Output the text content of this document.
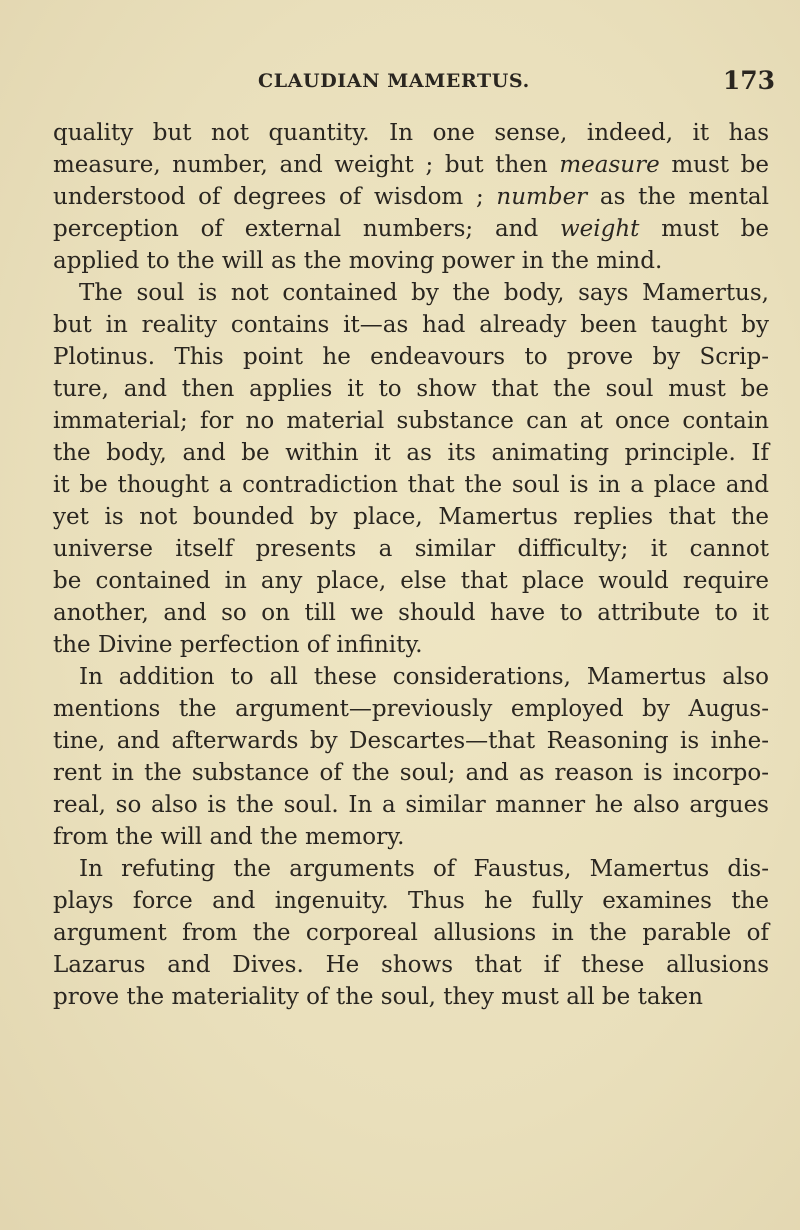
CLAUDIAN MAMERTUS.	173
quality but not quantity. In one sense, indeed, it has
measure, number, and weight ; but then measure must be
understood of degrees of wisdom ; number as the mental
perception of external numbers; and weight must be
applied to the will as the moving power in the mind.
The soul is not contained by the body, says Mamertus,
but in reality contains it—as had already been taught by
Plotinus. This point he endeavours to prove by Scrip-
ture, and then applies it to show that the soul must be
immaterial; for no material substance can at once contain
the body, and be within it as its animating principle. If
it be thought a contradiction that the soul is in a place and
yet is not bounded by place, Mamertus replies that the
universe itself presents a similar difficulty; it cannot
be contained in any place, else that place would require
another, and so on till we should have to attribute to it
the Divine perfection of infinity.
In addition to all these considerations, Mamertus also
mentions the argument—previously employed by Augus-
tine, and afterwards by Descartes—that Reasoning is inhe-
rent in the substance of the soul; and as reason is incorpo-
real, so also is the soul. In a similar manner he also argues
from the will and the memory.
In refuting the arguments of Faustus, Mamertus dis-
plays force and ingenuity. Thus he fully examines the
argument from the corporeal allusions in the parable of
Lazarus and Dives. He shows that if these allusions
prove the materiality of the soul, they must all be taken
